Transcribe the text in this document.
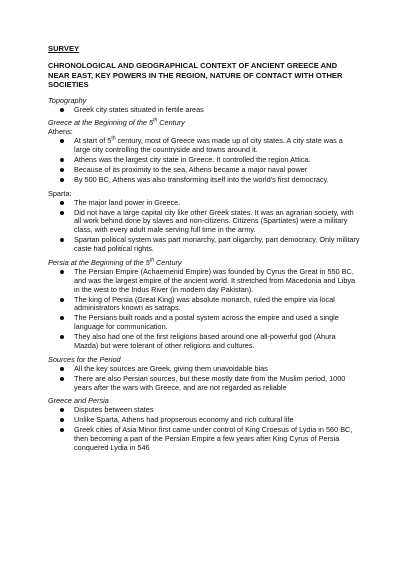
SURVEY
CHRONOLOGICAL AND GEOGRAPHICAL CONTEXT OF ANCIENT GREECE AND NEAR EAST, KEY POWERS IN THE REGION, NATURE OF CONTACT WITH OTHER SOCIETIES
Topography
Greek city states situated in fertile areas
Greece at the Beginning of the 5th Century
Athens:
At start of 5th century, most of Greece was made up of city states. A city state was a large city controlling the countryside and towns around it.
Athens was the largest city state in Greece. It controlled the region Attica.
Because of its proximity to the sea, Athens became a major naval power
By 500 BC, Athens was also transforming itself into the world's first democracy.
Sparta:
The major land power in Greece.
Did not have a large capital city like other Greek states. It was an agrarian society, with all work behind done by slaves and non-citizens. Citizens (Spartiates) were a military class, with every adult male serving full time in the army.
Spartan political system was part monarchy, part oligarchy, part democracy. Only military caste had political rights.
Persia at the Beginning of the 5th Century
The Persian Empire (Achaemenid Empire) was founded by Cyrus the Great in 550 BC, and was the largest empire of the ancient world. It stretched from Macedonia and Libya in the west to the Indus River (in modern day Pakistan).
The king of Persia (Great King) was absolute monarch, ruled the empire via local administrators known as satraps.
The Persians built roads and a postal system across the empire and used a single language for communication.
They also had one of the first religions based around one all-powerful god (Ahura Mazda) but were tolerant of other religions and cultures.
Sources for the Period
All the key sources are Greek, giving them unavoidable bias
There are also Persian sources, but these mostly date from the Muslim period, 1000 years after the wars with Greece, and are not regarded as reliable
Greece and Persia
Disputes between states
Unlike Sparta, Athens had propserous economy and rich cultural life
Greek cities of Asia Minor first came under control of King Croesus of Lydia in 560 BC, then becoming a part of the Persian Empire a few years after King Cyrus of Persia conquered Lydia in 546
